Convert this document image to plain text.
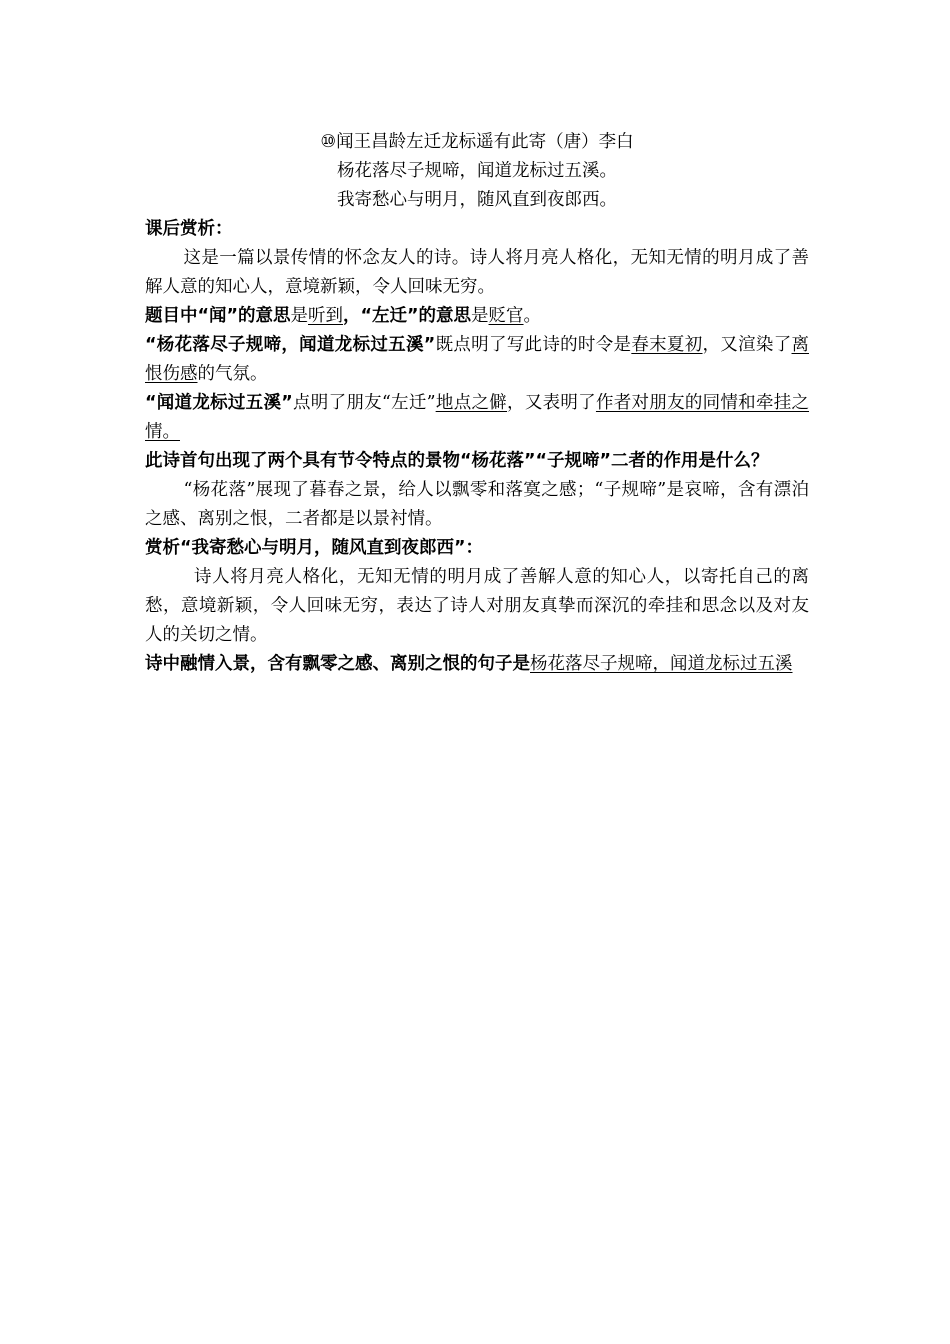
⑩闻王昌龄左迁龙标遥有此寄（唐）李白
杨花落尽子规啼，闻道龙标过五溪。
我寄愁心与明月，随风直到夜郎西。

课后赏析：

这是一篇以景传情的怀念友人的诗。诗人将月亮人格化，无知无情的明月成了善解人意的知心人，意境新颖，令人回味无穷。

题目中“闻”的意思是听到，“左迁”的意思是贬官。

“杨花落尽子规啼，闻道龙标过五溪”既点明了写此诗的时令是春末夏初，又渲染了离恨伤感的气氛。

“闻道龙标过五溪”点明了朋友“左迁”地点之僻，又表明了作者对朋友的同情和牵挂之情。

此诗首句出现了两个具有节令特点的景物“杨花落”“子规啼”二者的作用是什么？

“杨花落”展现了暮春之景，给人以飘零和落寞之感；“子规啼”是哀啼，含有漂泊之感、离别之恨，二者都是以景衬情。

赏析“我寄愁心与明月，随风直到夜郎西”：

诗人将月亮人格化，无知无情的明月成了善解人意的知心人，以寄托自己的离愁，意境新颖，令人回味无穷，表达了诗人对朋友真挚而深沉的牵挂和思念以及对友人的关切之情。

诗中融情入景，含有飘零之感、离别之恨的句子是杨花落尽子规啼，闻道龙标过五溪
